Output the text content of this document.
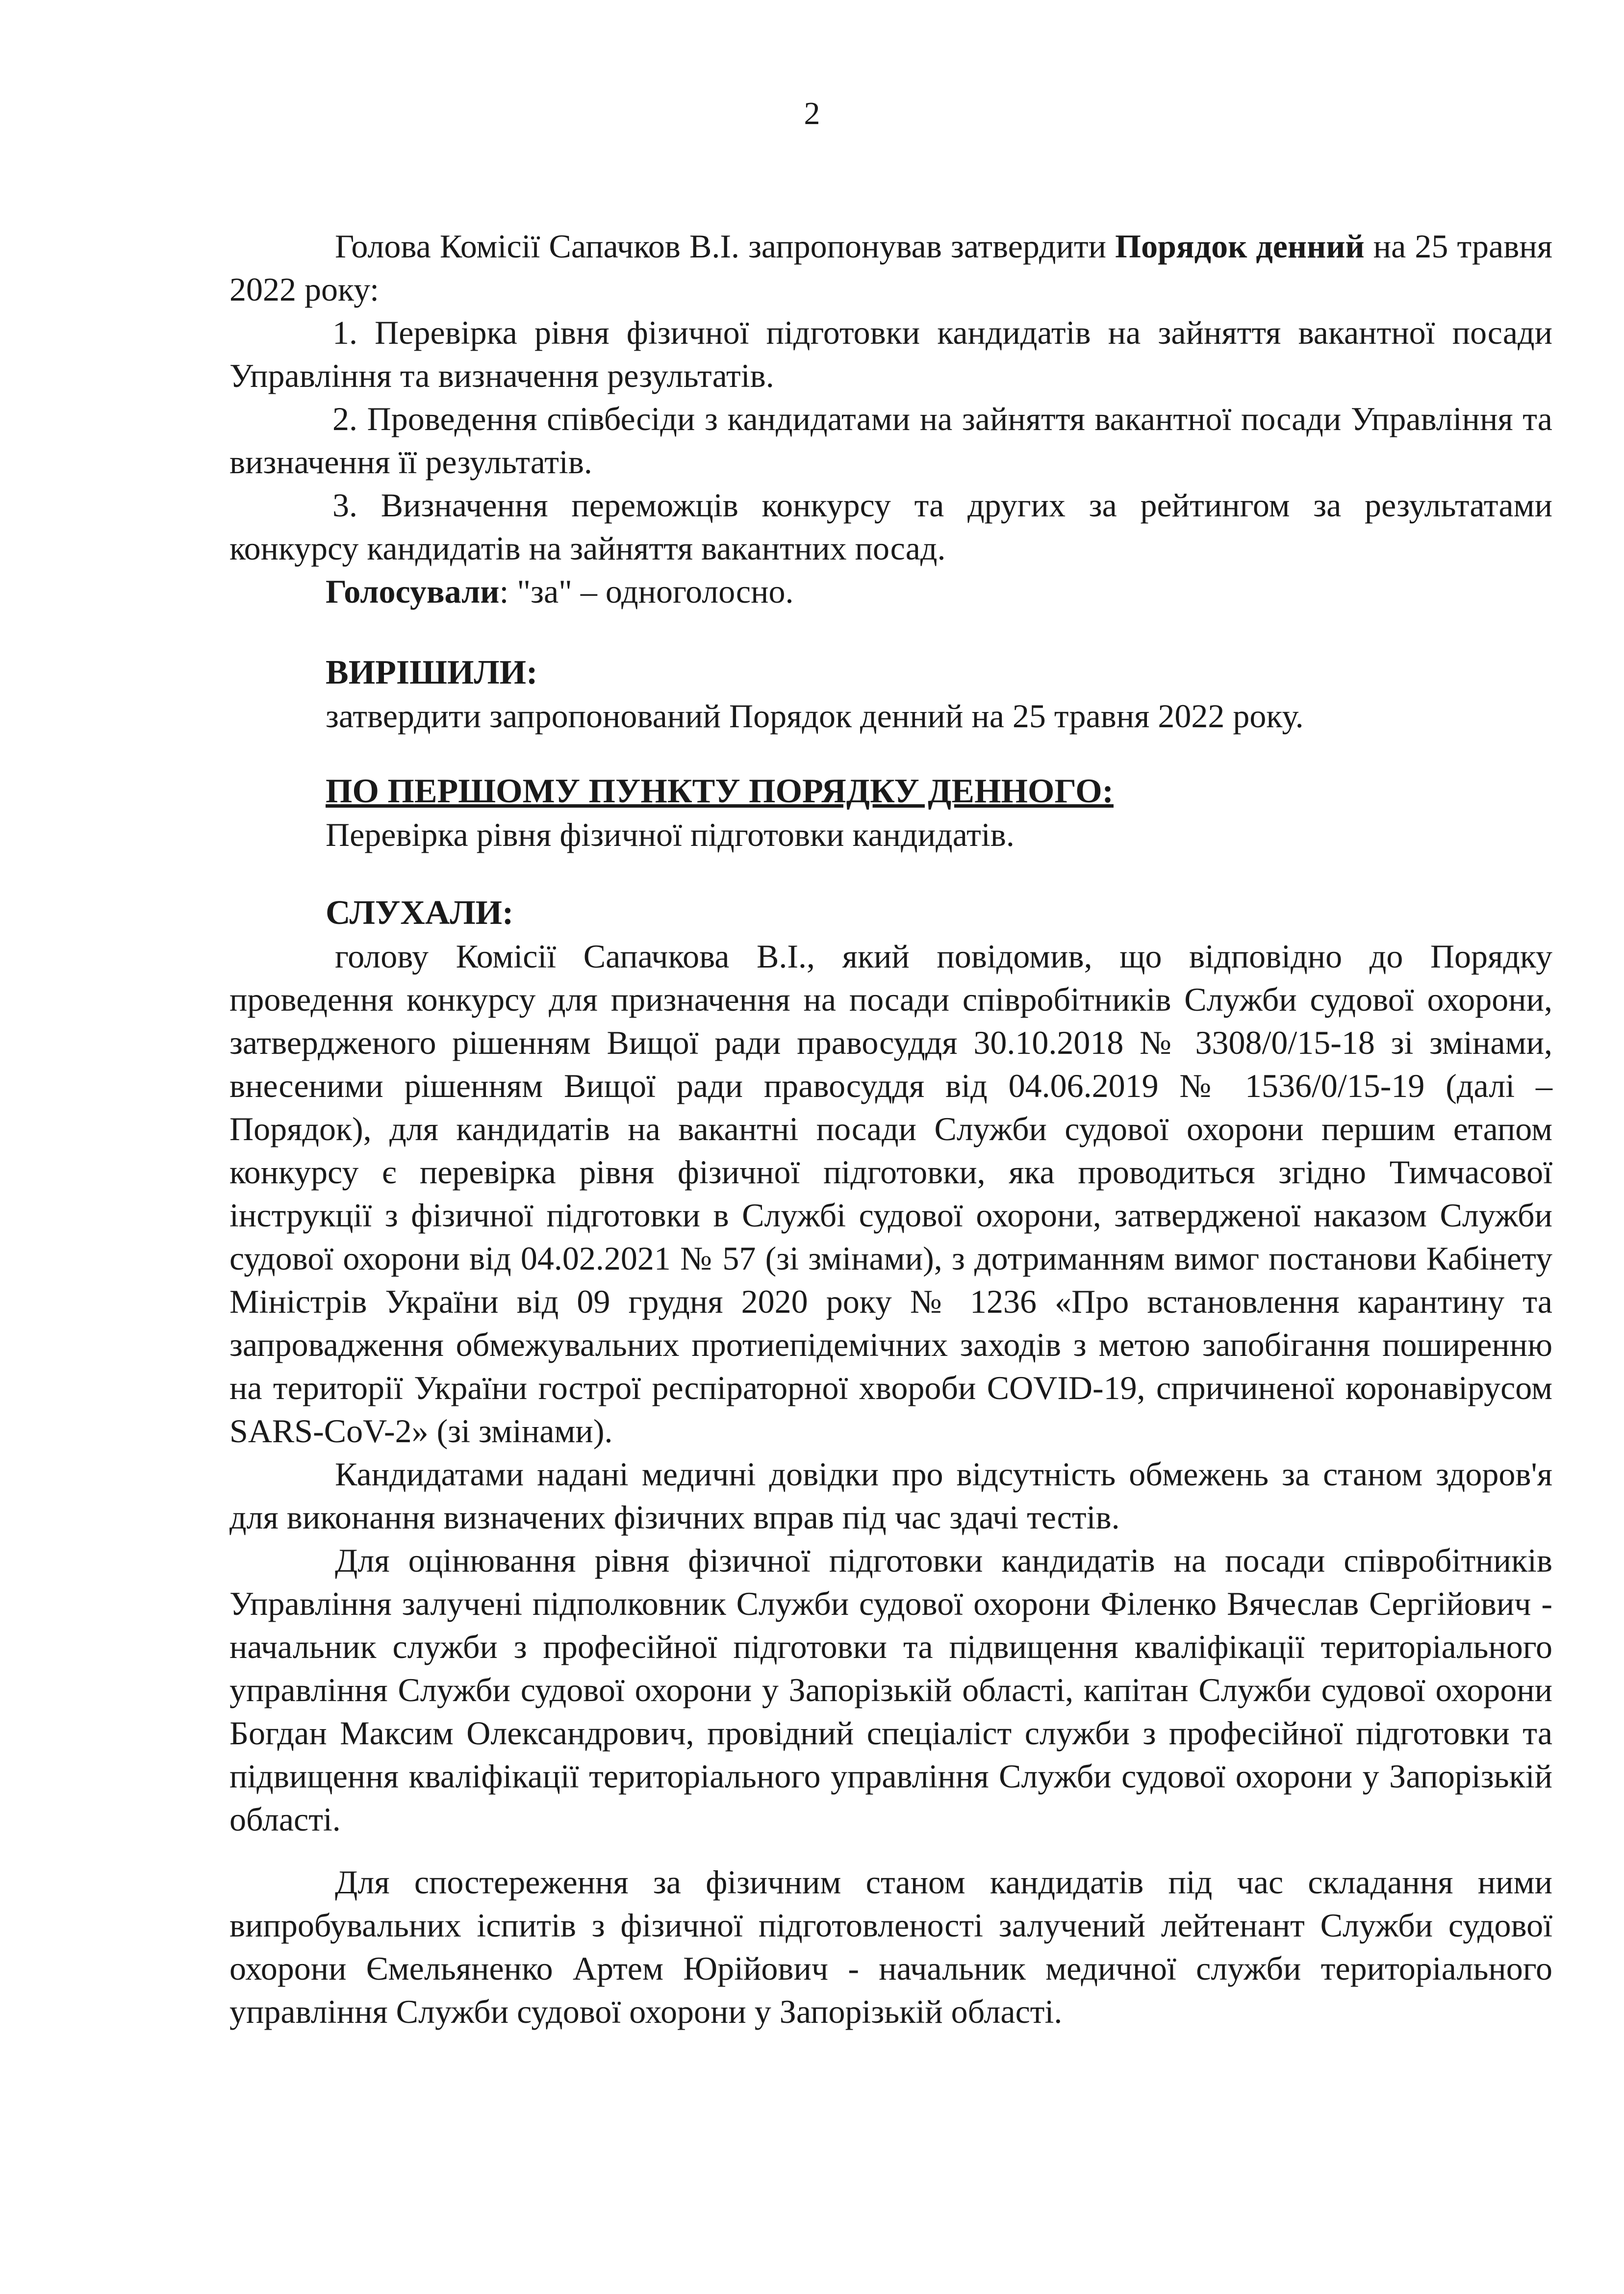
2

Голова Комісії Сапачков В.І. запропонував затвердити Порядок денний на 25 травня 2022 року:

1. Перевірка рівня фізичної підготовки кандидатів на зайняття вакантної посади Управління та визначення результатів.

2. Проведення співбесіди з кандидатами на зайняття вакантної посади Управління та визначення її результатів.

3. Визначення переможців конкурсу та других за рейтингом за результатами конкурсу кандидатів на зайняття вакантних посад.

Голосували: "за" – одноголосно.

ВИРІШИЛИ:

затвердити запропонований Порядок денний на 25 травня 2022 року.

ПО ПЕРШОМУ ПУНКТУ ПОРЯДКУ ДЕННОГО:

Перевірка рівня фізичної підготовки кандидатів.

СЛУХАЛИ:

голову Комісії Сапачкова В.І., який повідомив, що відповідно до Порядку проведення конкурсу для призначення на посади співробітників Служби судової охорони, затвердженого рішенням Вищої ради правосуддя 30.10.2018 № 3308/0/15-18 зі змінами, внесеними рішенням Вищої ради правосуддя від 04.06.2019 № 1536/0/15-19 (далі – Порядок), для кандидатів на вакантні посади Служби судової охорони першим етапом конкурсу є перевірка рівня фізичної підготовки, яка проводиться згідно Тимчасової інструкції з фізичної підготовки в Службі судової охорони, затвердженої наказом Служби судової охорони від 04.02.2021 № 57 (зі змінами), з дотриманням вимог постанови Кабінету Міністрів України від 09 грудня 2020 року № 1236 «Про встановлення карантину та запровадження обмежувальних протиепідемічних заходів з метою запобігання поширенню на території України гострої респіраторної хвороби COVID-19, спричиненої коронавірусом SARS-CoV-2» (зі змінами).

Кандидатами надані медичні довідки про відсутність обмежень за станом здоров'я для виконання визначених фізичних вправ під час здачі тестів.

Для оцінювання рівня фізичної підготовки кандидатів на посади співробітників Управління залучені підполковник Служби судової охорони Філенко Вячеслав Сергійович - начальник служби з професійної підготовки та підвищення кваліфікації територіального управління Служби судової охорони у Запорізькій області, капітан Служби судової охорони Богдан Максим Олександрович, провідний спеціаліст служби з професійної підготовки та підвищення кваліфікації територіального управління Служби судової охорони у Запорізькій області.

Для спостереження за фізичним станом кандидатів під час складання ними випробувальних іспитів з фізичної підготовленості залучений лейтенант Служби судової охорони Ємельяненко Артем Юрійович - начальник медичної служби територіального управління Служби судової охорони у Запорізькій області.
